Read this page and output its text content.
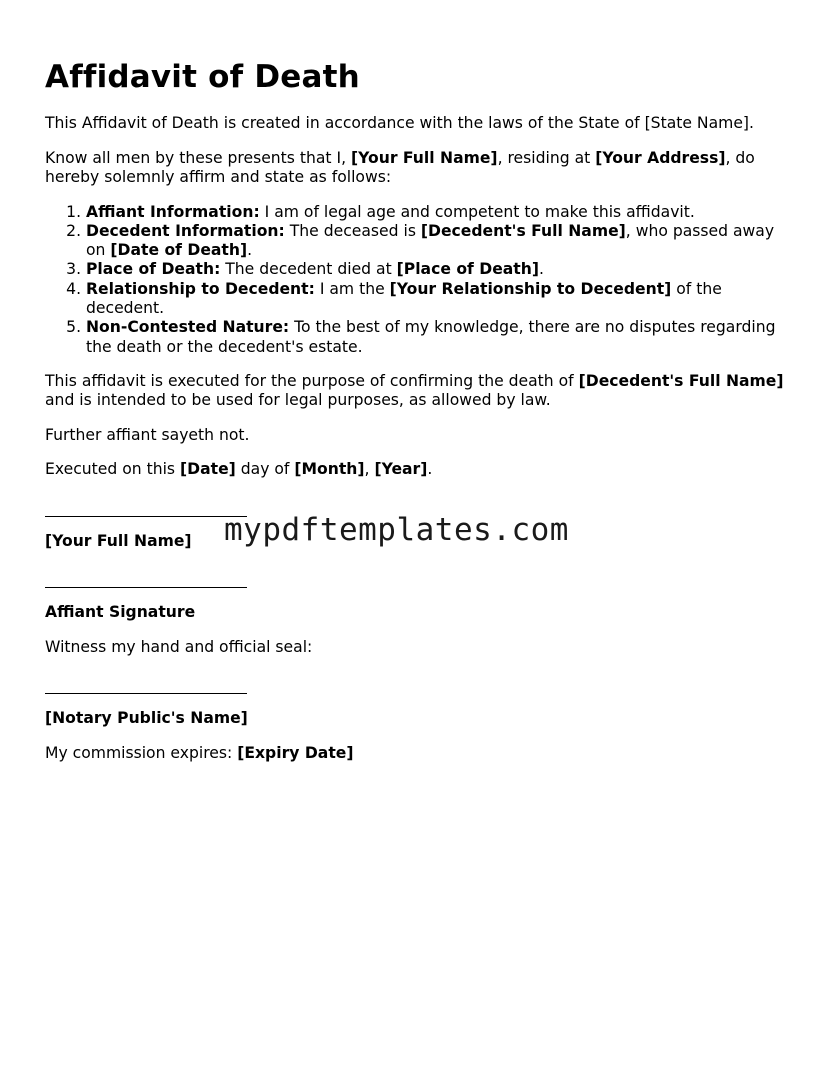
Affidavit of Death

This Affidavit of Death is created in accordance with the laws of the State of [State Name].

Know all men by these presents that I, [Your Full Name], residing at [Your Address], do hereby solemnly affirm and state as follows:

1. Affiant Information: I am of legal age and competent to make this affidavit.
2. Decedent Information: The deceased is [Decedent's Full Name], who passed away on [Date of Death].
3. Place of Death: The decedent died at [Place of Death].
4. Relationship to Decedent: I am the [Your Relationship to Decedent] of the decedent.
5. Non-Contested Nature: To the best of my knowledge, there are no disputes regarding the death or the decedent's estate.

This affidavit is executed for the purpose of confirming the death of [Decedent's Full Name] and is intended to be used for legal purposes, as allowed by law.

Further affiant sayeth not.

Executed on this [Date] day of [Month], [Year].

[Your Full Name]
Affiant Signature

Witness my hand and official seal:

[Notary Public's Name]

My commission expires: [Expiry Date]

mypdftemplates.com
